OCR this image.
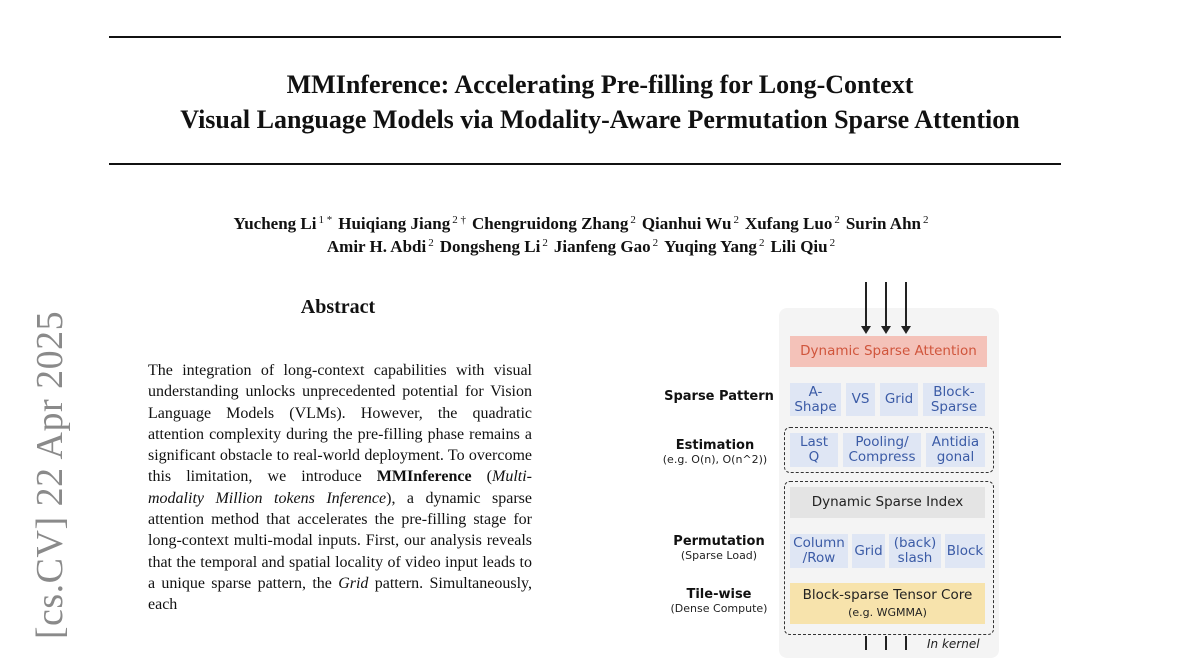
MMInference: Accelerating Pre-filling for Long-Context
Visual Language Models via Modality-Aware Permutation Sparse Attention
Yucheng Li $^{1 *}$ Huiqiang Jiang $^{2 \dagger}$ Chengruidong Zhang $^2$ Qianhui Wu $^2$ Xufang Luo $^2$ Surin Ahn $^2$
Amir H. Abdi $^2$ Dongsheng Li $^2$ Jianfeng Gao $^2$ Yuqing Yang $^2$ Lili Qiu $^2$
[cs.CV] 22 Apr 2025
Abstract
The integration of long-context capabilities with visual understanding unlocks unprecedented potential for Vision Language Models (VLMs). However, the quadratic attention complexity during the pre-filling phase remains a significant obstacle to real-world deployment. To overcome this limitation, we introduce MMInference (Multi-modality Million tokens Inference), a dynamic sparse attention method that accelerates the pre-filling stage for long-context multi-modal inputs. First, our analysis reveals that the temporal and spatial locality of video input leads to a unique sparse pattern, the Grid pattern. Simultaneously, each
Dynamic Sparse Attention
Sparse Pattern	A-
Shape	VS	Grid	Block-
Sparse
Estimation
(e.g. O(n), O(n^2))
Last
Q
Pooling/
Compress
Antidia
gonal
Dynamic Sparse Index
Permutation
(Sparse Load)
Column
/Row	Grid (back)
slash	Block
Tile-wise
(Dense Compute)
Block-sparse Tensor Core
(e.g. WGMMA)
In kernel
